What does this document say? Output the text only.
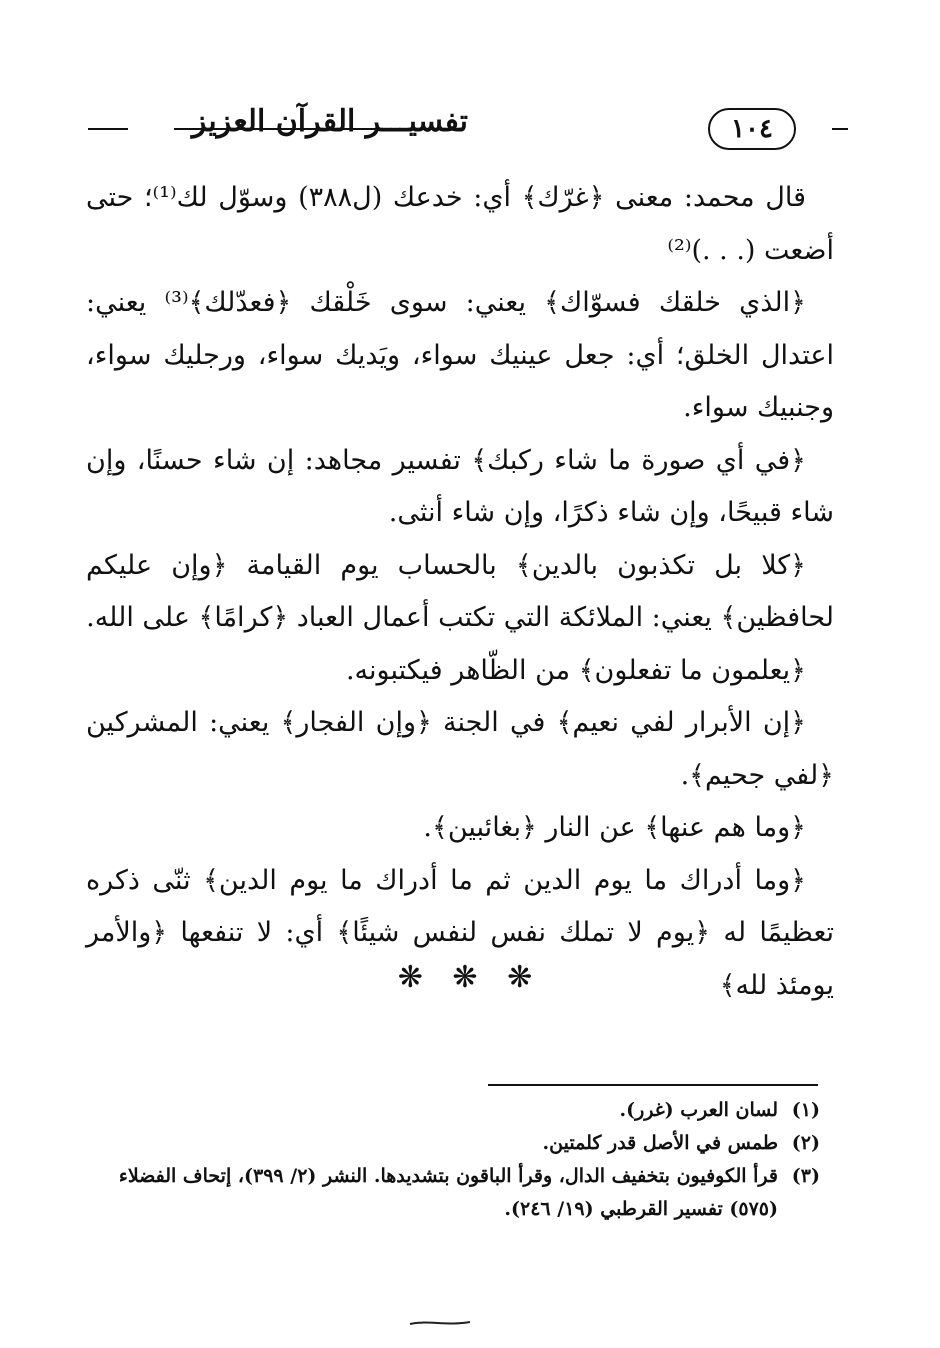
تفسيـــر القرآن العزيز	١٠٤

قال محمد: معنى ﴿غرّك﴾ أي: خدعك (ل٣٨٨) وسوّل لك⁽¹⁾؛ حتى أضعت (. . .)⁽²⁾

﴿الذي خلقك فسوّاك﴾ يعني: سوى خَلْقك ﴿فعدّلك﴾⁽³⁾ يعني: اعتدال الخلق؛ أي: جعل عينيك سواء، ويَديك سواء، ورجليك سواء، وجنبيك سواء.

﴿في أي صورة ما شاء ركبك﴾ تفسير مجاهد: إن شاء حسنًا، وإن شاء قبيحًا، وإن شاء ذكرًا، وإن شاء أنثى.

﴿كلا بل تكذبون بالدين﴾ بالحساب يوم القيامة ﴿وإن عليكم لحافظين﴾ يعني: الملائكة التي تكتب أعمال العباد ﴿كرامًا﴾ على الله.

﴿يعلمون ما تفعلون﴾ من الظّاهر فيكتبونه.

﴿إن الأبرار لفي نعيم﴾ في الجنة ﴿وإن الفجار﴾ يعني: المشركين ﴿لفي جحيم﴾.

﴿وما هم عنها﴾ عن النار ﴿بغائبين﴾.

﴿وما أدراك ما يوم الدين ثم ما أدراك ما يوم الدين﴾ ثنّى ذكره تعظيمًا له ﴿يوم لا تملك نفس لنفس شيئًا﴾ أي: لا تنفعها ﴿والأمر يومئذ لله﴾

❋ ❋ ❋

(١)
لسان العرب (غرر).

(٢)
طمس في الأصل قدر كلمتين.

(٣)
قرأ الكوفيون بتخفيف الدال، وقرأ الباقون بتشديدها. النشر (٢/ ٣٩٩)، إتحاف الفضلاء (٥٧٥) تفسير القرطبي (١٩/ ٢٤٦).
